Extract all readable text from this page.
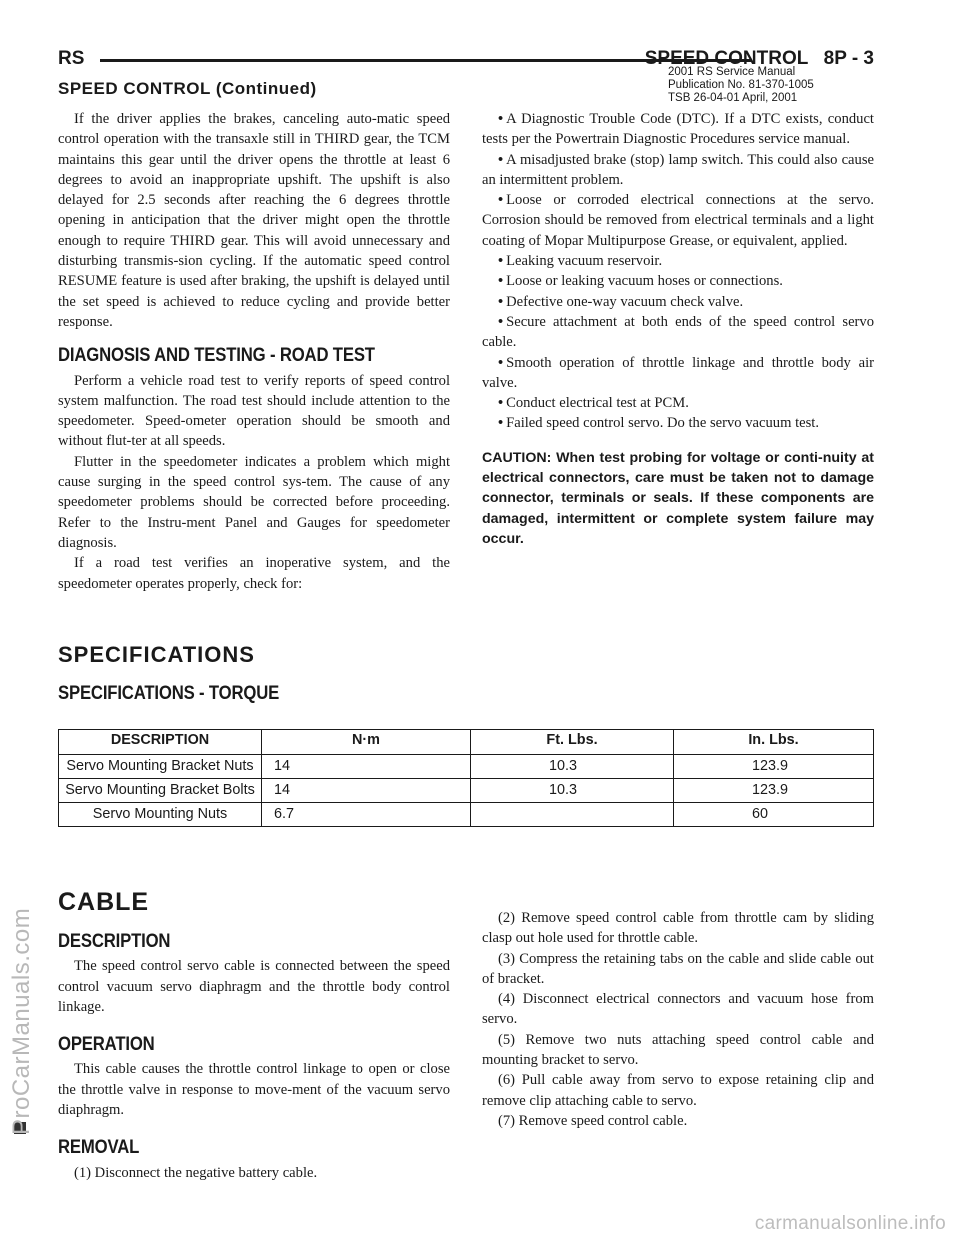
RS	SPEED CONTROL 8P - 3
2001 RS Service Manual
Publication No. 81-370-1005
TSB 26-04-01 April, 2001
SPEED CONTROL (Continued)

If the driver applies the brakes, canceling auto-matic speed control operation with the transaxle still in THIRD gear, the TCM maintains this gear until the driver opens the throttle at least 6 degrees to avoid an inappropriate upshift. The upshift is also delayed for 2.5 seconds after reaching the 6 degrees throttle opening in anticipation that the driver might open the throttle enough to require THIRD gear. This will avoid unnecessary and disturbing transmis-sion cycling. If the automatic speed control RESUME feature is used after braking, the upshift is delayed until the set speed is achieved to reduce cycling and provide better response.

DIAGNOSIS AND TESTING - ROAD TEST

Perform a vehicle road test to verify reports of speed control system malfunction. The road test should include attention to the speedometer. Speed-ometer operation should be smooth and without flut-ter at all speeds.

Flutter in the speedometer indicates a problem which might cause surging in the speed control sys-tem. The cause of any speedometer problems should be corrected before proceeding. Refer to the Instru-ment Panel and Gauges for speedometer diagnosis.

If a road test verifies an inoperative system, and the speedometer operates properly, check for:

• A Diagnostic Trouble Code (DTC). If a DTC exists, conduct tests per the Powertrain Diagnostic Procedures service manual.

• A misadjusted brake (stop) lamp switch. This could also cause an intermittent problem.

• Loose or corroded electrical connections at the servo. Corrosion should be removed from electrical terminals and a light coating of Mopar Multipurpose Grease, or equivalent, applied.

• Leaking vacuum reservoir.

• Loose or leaking vacuum hoses or connections.

• Defective one-way vacuum check valve.

• Secure attachment at both ends of the speed control servo cable.

• Smooth operation of throttle linkage and throttle body air valve.

• Conduct electrical test at PCM.

• Failed speed control servo. Do the servo vacuum test.

CAUTION: When test probing for voltage or conti-nuity at electrical connectors, care must be taken not to damage connector, terminals or seals. If these components are damaged, intermittent or complete system failure may occur.
SPECIFICATIONS
SPECIFICATIONS - TORQUE
DESCRIPTION	N·m	Ft. Lbs.	In. Lbs.
Servo Mounting Bracket Nuts	14	10.3	123.9
Servo Mounting Bracket Bolts	14	10.3	123.9
Servo Mounting Nuts	6.7		60
CABLE
DESCRIPTION

The speed control servo cable is connected between the speed control vacuum servo diaphragm and the throttle body control linkage.

OPERATION

This cable causes the throttle control linkage to open or close the throttle valve in response to move-ment of the vacuum servo diaphragm.

REMOVAL

(1) Disconnect the negative battery cable.

(2) Remove speed control cable from throttle cam by sliding clasp out hole used for throttle cable.

(3) Compress the retaining tabs on the cable and slide cable out of bracket.

(4) Disconnect electrical connectors and vacuum hose from servo.

(5) Remove two nuts attaching speed control cable and mounting bracket to servo.

(6) Pull cable away from servo to expose retaining clip and remove clip attaching cable to servo.

(7) Remove speed control cable.

ProCarManuals.com
carmanualsonline.info
